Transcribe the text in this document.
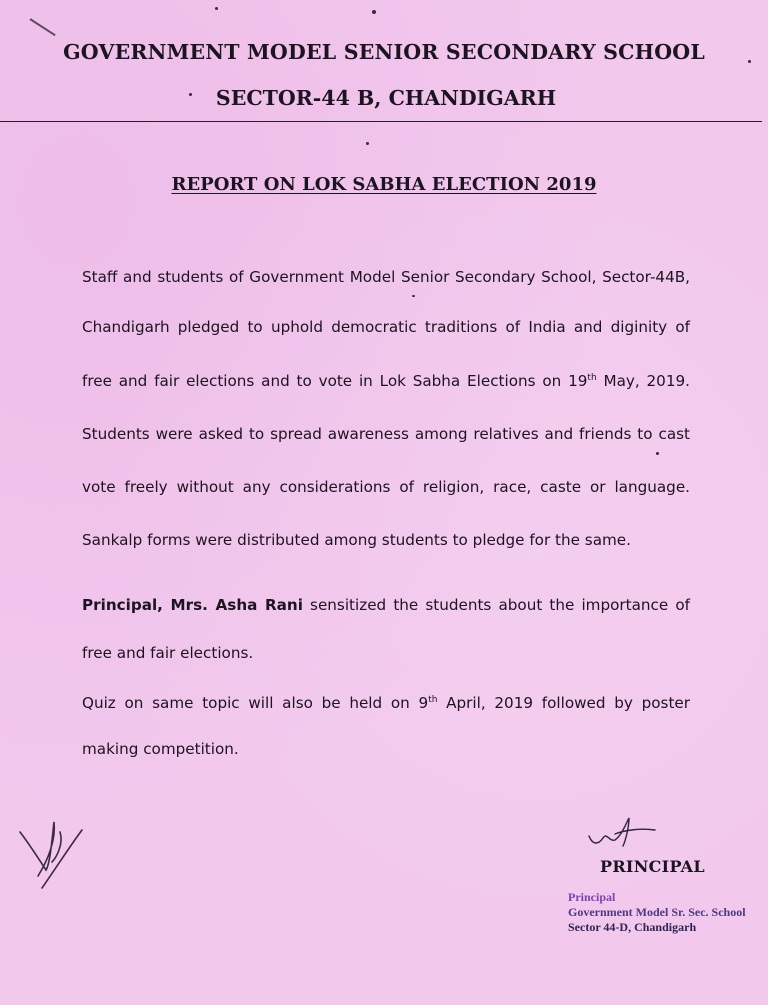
GOVERNMENT MODEL SENIOR SECONDARY SCHOOL
SECTOR-44 B, CHANDIGARH
REPORT ON LOK SABHA ELECTION 2019
Staff and students of Government Model Senior Secondary School, Sector-44B,
Chandigarh pledged to uphold democratic traditions of India and diginity of
free and fair elections and to vote in Lok Sabha Elections on 19th May, 2019.
Students were asked to spread awareness among relatives and friends to cast
vote freely without any considerations of religion, race, caste or language.
Sankalp forms were distributed among students to pledge for the same.
Principal, Mrs. Asha Rani sensitized the students about the importance of
free and fair elections.
Quiz on same topic will also be held on 9th April, 2019 followed by poster
making competition.
PRINCIPAL
Principal
Government Model Sr. Sec. School
Sector 44-D, Chandigarh
